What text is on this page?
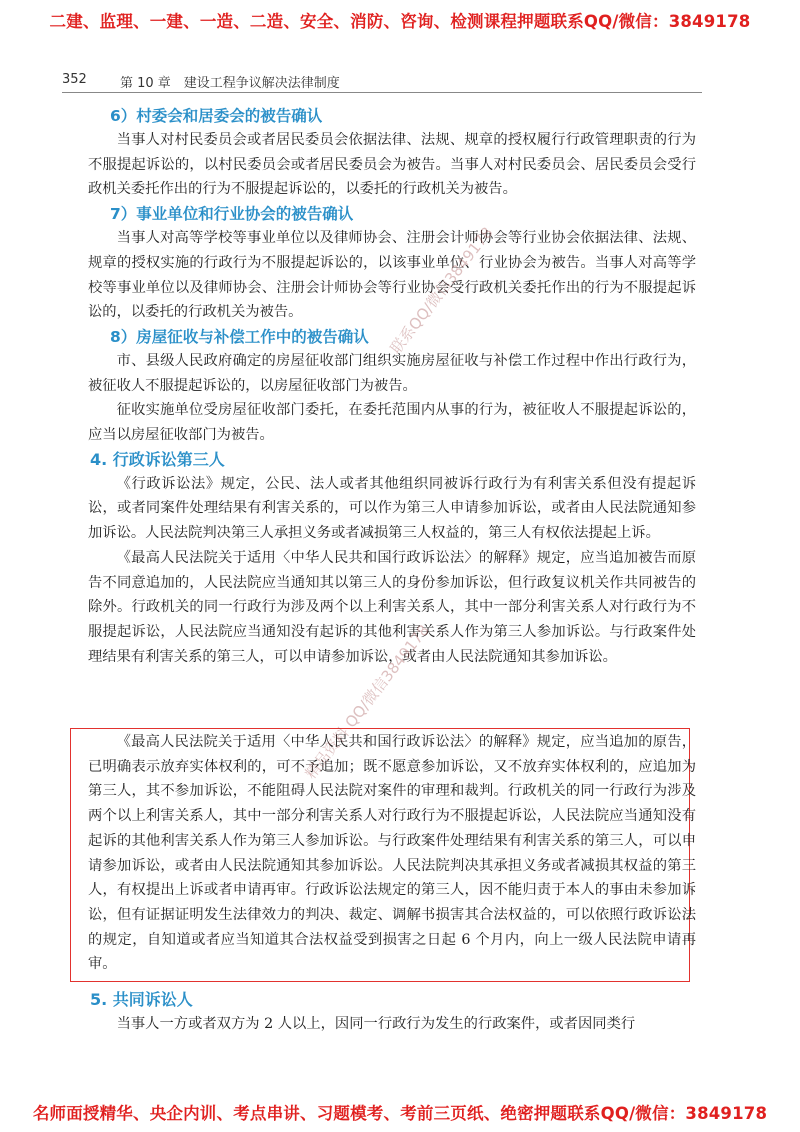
二建、监理、一建、一造、二造、安全、消防、咨询、检测课程押题联系QQ/微信：3849178
352	第 10 章　建设工程争议解决法律制度
6）村委会和居委会的被告确认

当事人对村民委员会或者居民委员会依据法律、法规、规章的授权履行行政管理职责的行为不服提起诉讼的，以村民委员会或者居民委员会为被告。当事人对村民委员会、居民委员会受行政机关委托作出的行为不服提起诉讼的，以委托的行政机关为被告。

7）事业单位和行业协会的被告确认

当事人对高等学校等事业单位以及律师协会、注册会计师协会等行业协会依据法律、法规、规章的授权实施的行政行为不服提起诉讼的，以该事业单位、行业协会为被告。当事人对高等学校等事业单位以及律师协会、注册会计师协会等行业协会受行政机关委托作出的行为不服提起诉讼的，以委托的行政机关为被告。

8）房屋征收与补偿工作中的被告确认

市、县级人民政府确定的房屋征收部门组织实施房屋征收与补偿工作过程中作出行政行为，被征收人不服提起诉讼的，以房屋征收部门为被告。

征收实施单位受房屋征收部门委托，在委托范围内从事的行为，被征收人不服提起诉讼的，应当以房屋征收部门为被告。

4. 行政诉讼第三人

《行政诉讼法》规定，公民、法人或者其他组织同被诉行政行为有利害关系但没有提起诉讼，或者同案件处理结果有利害关系的，可以作为第三人申请参加诉讼，或者由人民法院通知参加诉讼。人民法院判决第三人承担义务或者减损第三人权益的，第三人有权依法提起上诉。

《最高人民法院关于适用〈中华人民共和国行政诉讼法〉的解释》规定，应当追加被告而原告不同意追加的，人民法院应当通知其以第三人的身份参加诉讼，但行政复议机关作共同被告的除外。行政机关的同一行政行为涉及两个以上利害关系人，其中一部分利害关系人对行政行为不服提起诉讼，人民法院应当通知没有起诉的其他利害关系人作为第三人参加诉讼。与行政案件处理结果有利害关系的第三人，可以申请参加诉讼，或者由人民法院通知其参加诉讼。

《最高人民法院关于适用〈中华人民共和国行政诉讼法〉的解释》规定，应当追加的原告，已明确表示放弃实体权利的，可不予追加；既不愿意参加诉讼，又不放弃实体权利的，应追加为第三人，其不参加诉讼，不能阻碍人民法院对案件的审理和裁判。行政机关的同一行政行为涉及两个以上利害关系人，其中一部分利害关系人对行政行为不服提起诉讼，人民法院应当通知没有起诉的其他利害关系人作为第三人参加诉讼。与行政案件处理结果有利害关系的第三人，可以申请参加诉讼，或者由人民法院通知其参加诉讼。人民法院判决其承担义务或者减损其权益的第三人，有权提出上诉或者申请再审。行政诉讼法规定的第三人，因不能归责于本人的事由未参加诉讼，但有证据证明发生法律效力的判决、裁定、调解书损害其合法权益的，可以依照行政诉讼法的规定，自知道或者应当知道其合法权益受到损害之日起 6 个月内，向上一级人民法院申请再审。

5. 共同诉讼人

当事人一方或者双方为 2 人以上，因同一行政行为发生的行政案件，或者因同类行

联系QQ/微信3849178
精品资料 QQ/微信3849178
名师面授精华、央企内训、考点串讲、习题模考、考前三页纸、绝密押题联系QQ/微信：3849178
